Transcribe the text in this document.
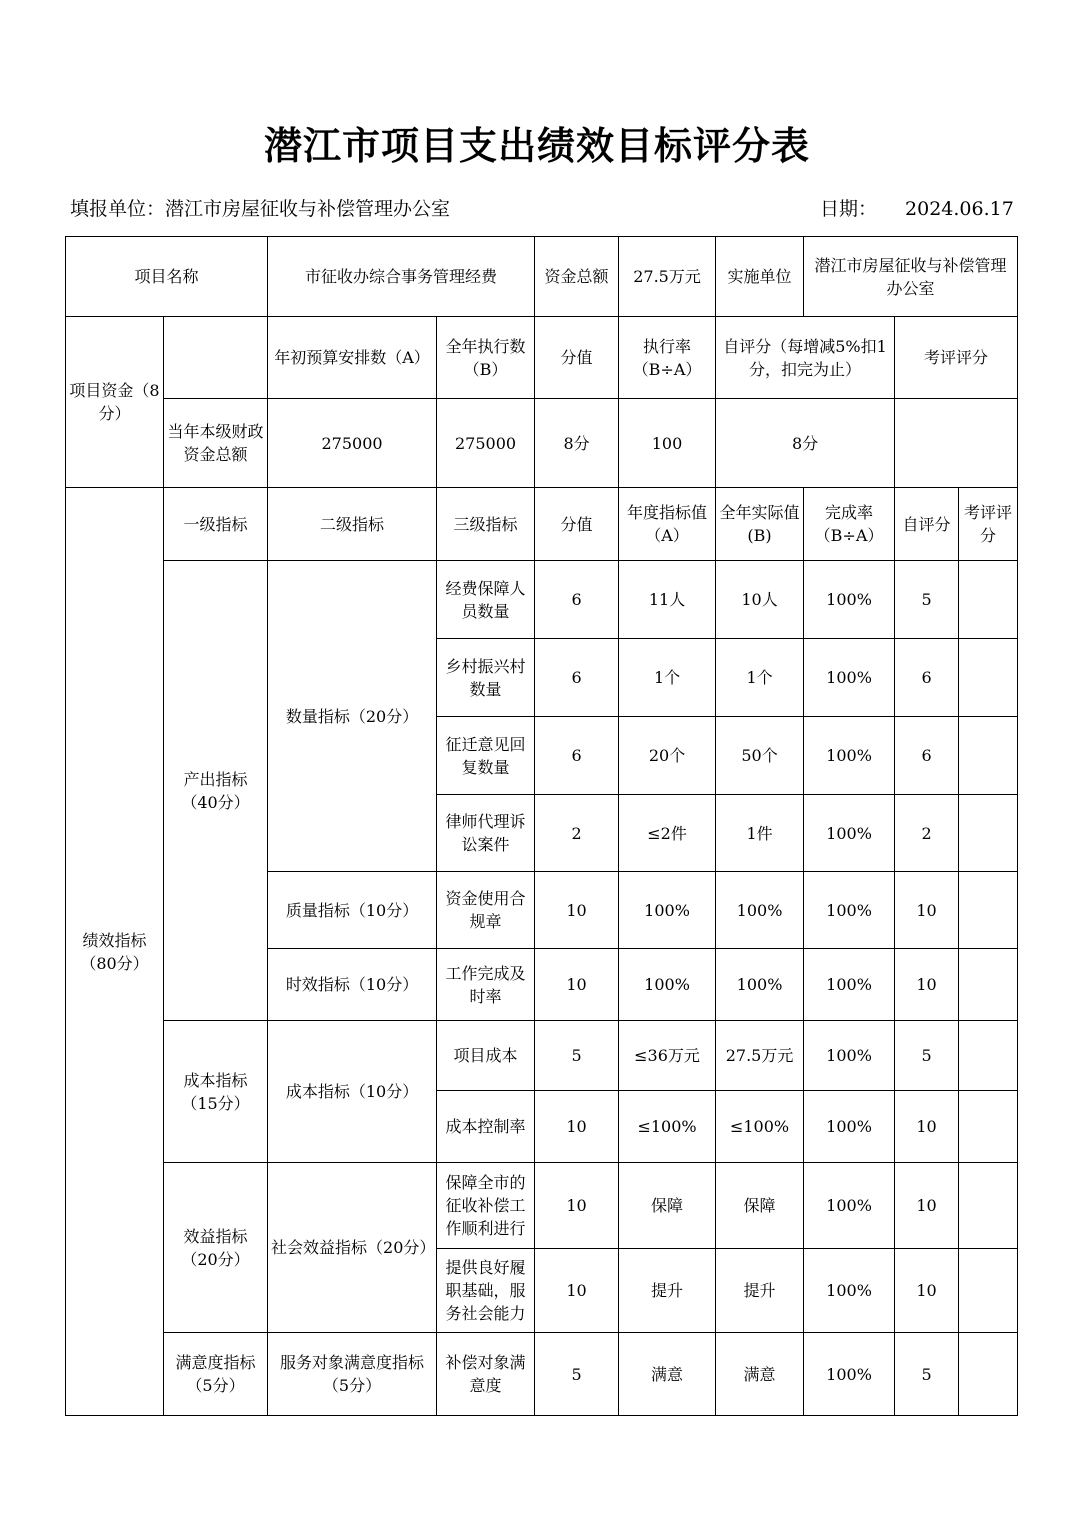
潜江市项目支出绩效目标评分表
填报单位：潜江市房屋征收与补偿管理办公室	日期： 2024.06.17
项目名称		市征收办综合事务管理经费		资金总额	27.5万元	实施单位	潜江市房屋征收与补偿管理办公室		
项目资金（8分）		年初预算安排数（A）	全年执行数（B）	分值	执行率（B÷A）	自评分（每增减5%扣1分，扣完为止）		考评评分	
	当年本级财政资金总额	275000	275000	8分	100	8分			
绩效指标（80分）	一级指标	二级指标	三级指标	分值	年度指标值（A）	全年实际值(B)	完成率（B÷A）	自评分	考评评分
	产出指标（40分）	数量指标（20分）	经费保障人员数量	6	11人	10人	100%	5	
			乡村振兴村数量	6	1个	1个	100%	6	
			征迁意见回复数量	6	20个	50个	100%	6	
			律师代理诉讼案件	2	≤2件	1件	100%	2	
		质量指标（10分）	资金使用合规章	10	100%	100%	100%	10	
		时效指标（10分）	工作完成及时率	10	100%	100%	100%	10	
	成本指标（15分）	成本指标（10分）	项目成本	5	≤36万元	27.5万元	100%	5	
			成本控制率	10	≤100%	≤100%	100%	10	
	效益指标（20分）	社会效益指标（20分）	保障全市的征收补偿工作顺利进行	10	保障	保障	100%	10	
			提供良好履职基础，服务社会能力	10	提升	提升	100%	10	
	满意度指标（5分）	服务对象满意度指标（5分）	补偿对象满意度	5	满意	满意	100%	5	
